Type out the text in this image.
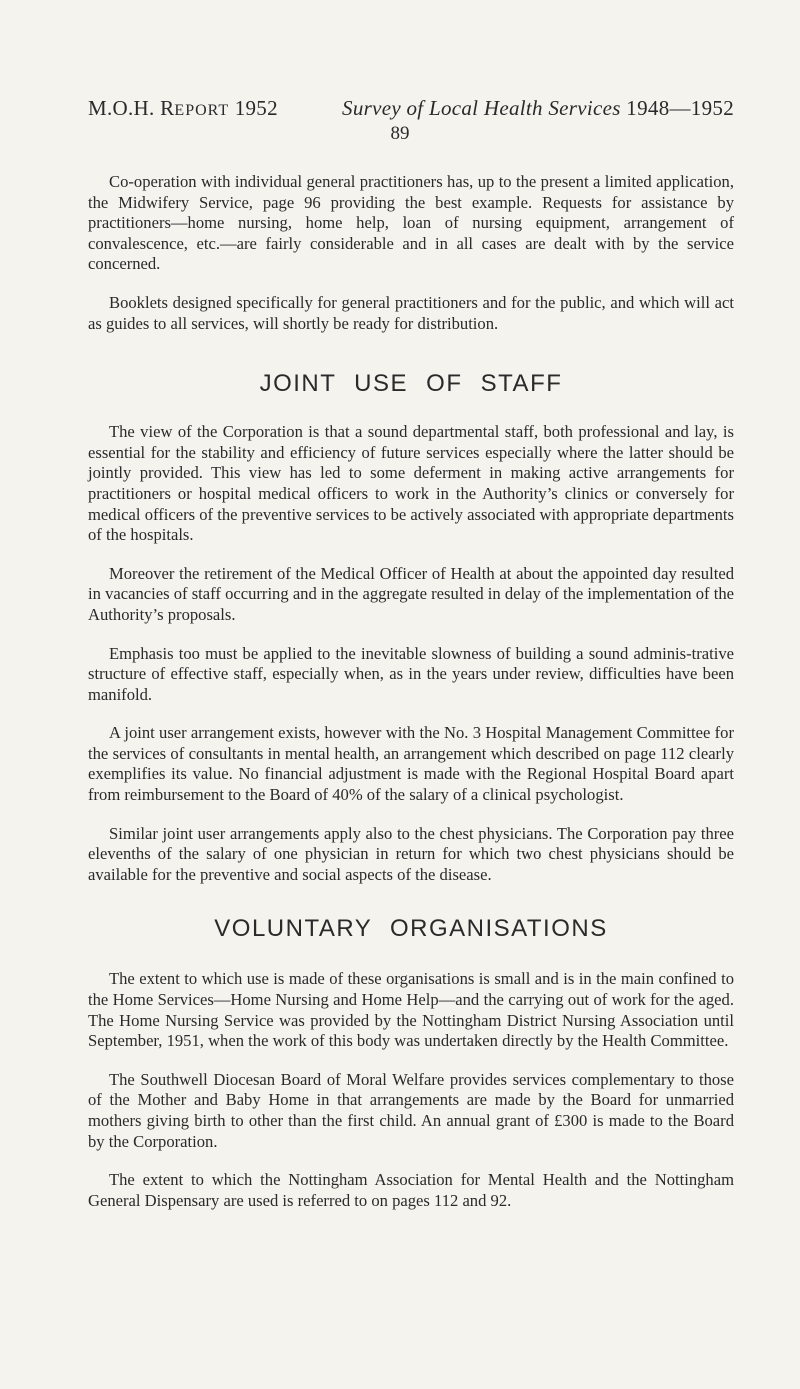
M.O.H. REPORT 1952	Survey of Local Health Services 1948—1952
89

Co-operation with individual general practitioners has, up to the present a limited application, the Midwifery Service, page 96 providing the best example. Requests for assistance by practitioners—home nursing, home help, loan of nursing equipment, arrangement of convalescence, etc.—are fairly considerable and in all cases are dealt with by the service concerned.

Booklets designed specifically for general practitioners and for the public, and which will act as guides to all services, will shortly be ready for distribution.

JOINT USE OF STAFF

The view of the Corporation is that a sound departmental staff, both professional and lay, is essential for the stability and efficiency of future services especially where the latter should be jointly provided. This view has led to some deferment in making active arrangements for practitioners or hospital medical officers to work in the Authority’s clinics or conversely for medical officers of the preventive services to be actively associated with appropriate departments of the hospitals.

Moreover the retirement of the Medical Officer of Health at about the appointed day resulted in vacancies of staff occurring and in the aggregate resulted in delay of the implementation of the Authority’s proposals.

Emphasis too must be applied to the inevitable slowness of building a sound adminis-trative structure of effective staff, especially when, as in the years under review, difficulties have been manifold.

A joint user arrangement exists, however with the No. 3 Hospital Management Committee for the services of consultants in mental health, an arrangement which described on page 112 clearly exemplifies its value. No financial adjustment is made with the Regional Hospital Board apart from reimbursement to the Board of 40% of the salary of a clinical psychologist.

Similar joint user arrangements apply also to the chest physicians. The Corporation pay three elevenths of the salary of one physician in return for which two chest physicians should be available for the preventive and social aspects of the disease.

VOLUNTARY ORGANISATIONS

The extent to which use is made of these organisations is small and is in the main confined to the Home Services—Home Nursing and Home Help—and the carrying out of work for the aged. The Home Nursing Service was provided by the Nottingham District Nursing Association until September, 1951, when the work of this body was undertaken directly by the Health Committee.

The Southwell Diocesan Board of Moral Welfare provides services complementary to those of the Mother and Baby Home in that arrangements are made by the Board for unmarried mothers giving birth to other than the first child. An annual grant of £300 is made to the Board by the Corporation.

The extent to which the Nottingham Association for Mental Health and the Nottingham General Dispensary are used is referred to on pages 112 and 92.
